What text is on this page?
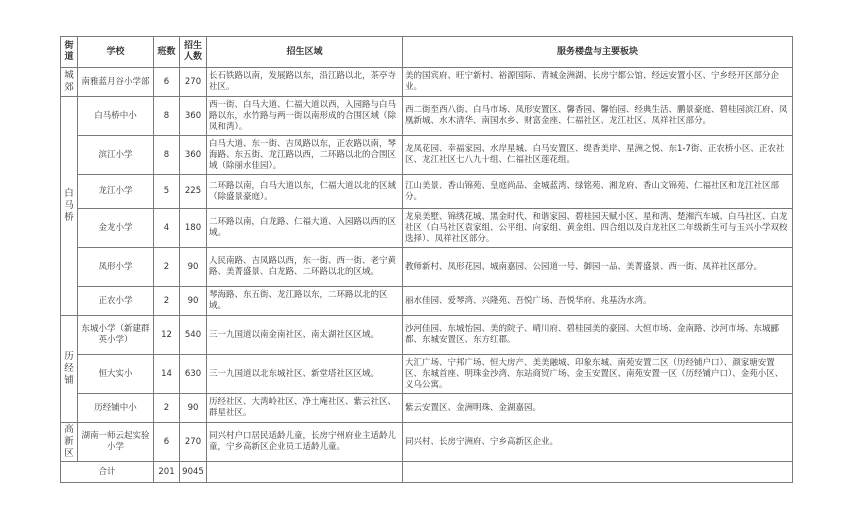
街道	学校	班数	招生人数	招生区域	服务楼盘与主要板块
城郊	南雅蓝月谷小学部	6	270	长石铁路以南，发展路以东，沿江路以北，茶亭寺社区。	美的国宾府、旺宁新村、裕源国际、青城金洲湖、长房宁都公馆、经远安置小区、宁乡经开区部分企业。
白马桥	白马桥中小	8	360	西一街、白马大道、仁福大道以西，入园路与白马路以东，水竹路与两一街以南形成的合围区域（除凤和湾）。	西二街至西八街、白马市场、凤形安置区、馨香园、馨怡园、经典生活、鹏景豪庭、碧桂园滨江府、凤凰新城、水木清华、南国水乡、财富金座、仁福社区、龙江社区、凤祥社区部分。
	滨江小学	8	360	白马大道、东一街、吉凤路以东，正农路以南，琴海路、东五街、龙江路以西，二环路以北的合围区域（除丽水佳园）。	龙凤花园、幸福家园、水岸星城、白马安置区、缇香美岸、星洲之悦、东1-7街、正农桥小区、正农社区、龙江社区七八九十组、仁福社区莲花组。
	龙江小学	5	225	二环路以南，白马大道以东，仁福大道以北的区域（除盛景豪庭）。	江山美景、香山锦苑、皇庭尚品、金城蓝湾、绿铭苑、湘龙府、香山文锦苑、仁福社区和龙江社区部分。
	金龙小学	4	180	二环路以南，白龙路、仁福大道、入园路以西的区域。	龙泉美墅、锦绣花城、黑金时代、和谐家园、碧桂园天赋小区、星和湾、楚湘汽车城、白马社区、白龙社区（白马社区袁家组、公平组、向家组、黄金组、四合组以及白龙社区二年级新生可与玉兴小学双校选择）、凤祥社区部分。
	凤形小学	2	90	人民南路、吉凤路以西，东一街、西一街、老宁黄路、美菁盛景、白龙路、二环路以北的区域。	教师新村、凤形花园、城南嘉园、公园道一号、御园一品、美菁盛景、西一街、凤祥社区部分。
	正农小学	2	90	琴海路、东五街、龙江路以东，二环路以北的区域。	丽水佳园、爱琴湾、兴隆苑、吾悦广场、吾悦华府、兆基沩水湾。
历经铺	东城小学（新建群英小学）	12	540	三一九国道以南金南社区、南太湖社区区域。	沙河佳园、东城怡园、美的院子、晴川府、碧桂园美的豪园、大恒市场、金南路、沙河市场、东城郦都、东城安置区、东方红郡。
	恒大实小	14	630	三一九国道以北东城社区、新堂塔社区区域。	大汇广场、宁邦广场、恒大房产、美美融城、印象东城、南苑安置二区（历经铺户口）、颜家塘安置区、东城首座、明珠金沙湾、东站商贸广场、金玉安置区、南苑安置一区（历经铺户口）、金苑小区、义乌公寓。
	历经铺中小	2	90	历经社区、大湾岭社区、净土庵社区、紫云社区、群星社区。	紫云安置区、金洲明珠、金湖嘉园。
高新区	湖南一师云起实验小学	6	270	同兴村户口居民适龄儿童，长房宁州府业主适龄儿童，宁乡高新区企业员工适龄儿童。	同兴村、长房宁洲府、宁乡高新区企业。
合计		201	9045		
